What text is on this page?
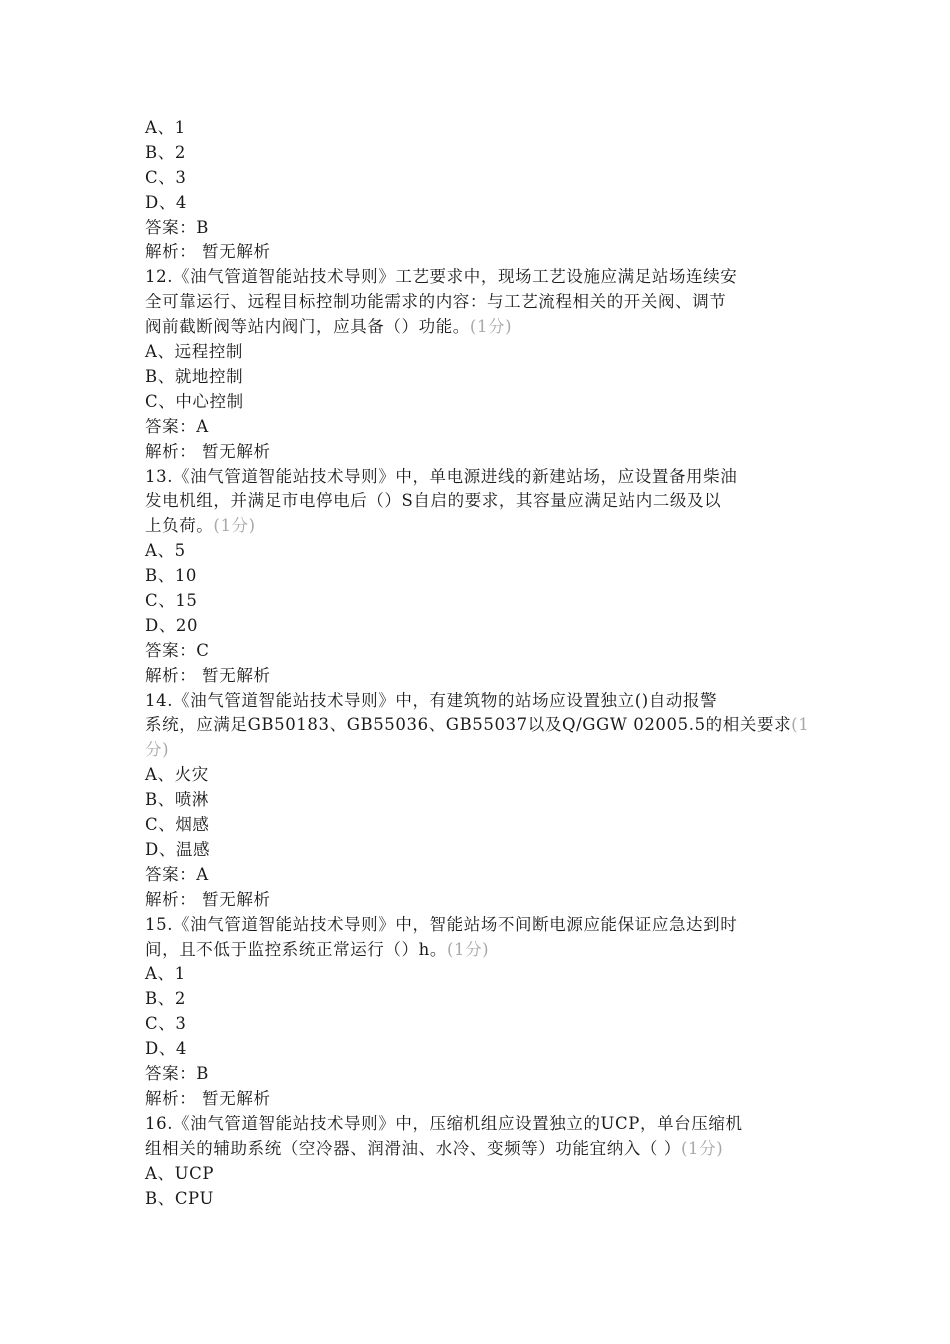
A、1
B、2
C、3
D、4
答案：B
解析： 暂无解析
12.《油气管道智能站技术导则》工艺要求中，现场工艺设施应满足站场连续安
全可靠运行、远程目标控制功能需求的内容：与工艺流程相关的开关阀、调节
阀前截断阀等站内阀门，应具备（）功能。(1分)
A、远程控制
B、就地控制
C、中心控制
答案：A
解析： 暂无解析
13.《油气管道智能站技术导则》中，单电源进线的新建站场，应设置备用柴油
发电机组，并满足市电停电后（）S自启的要求，其容量应满足站内二级及以
上负荷。(1分)
A、5
B、10
C、15
D、20
答案：C
解析： 暂无解析
14.《油气管道智能站技术导则》中，有建筑物的站场应设置独立()自动报警
系统，应满足GB50183、GB55036、GB55037以及Q/GGW 02005.5的相关要求(1
分)
A、火灾
B、喷淋
C、烟感
D、温感
答案：A
解析： 暂无解析
15.《油气管道智能站技术导则》中，智能站场不间断电源应能保证应急达到时
间，且不低于监控系统正常运行（）h。(1分)
A、1
B、2
C、3
D、4
答案：B
解析： 暂无解析
16.《油气管道智能站技术导则》中，压缩机组应设置独立的UCP，单台压缩机
组相关的辅助系统（空冷器、润滑油、水冷、变频等）功能宜纳入（ ）(1分)
A、UCP
B、CPU
